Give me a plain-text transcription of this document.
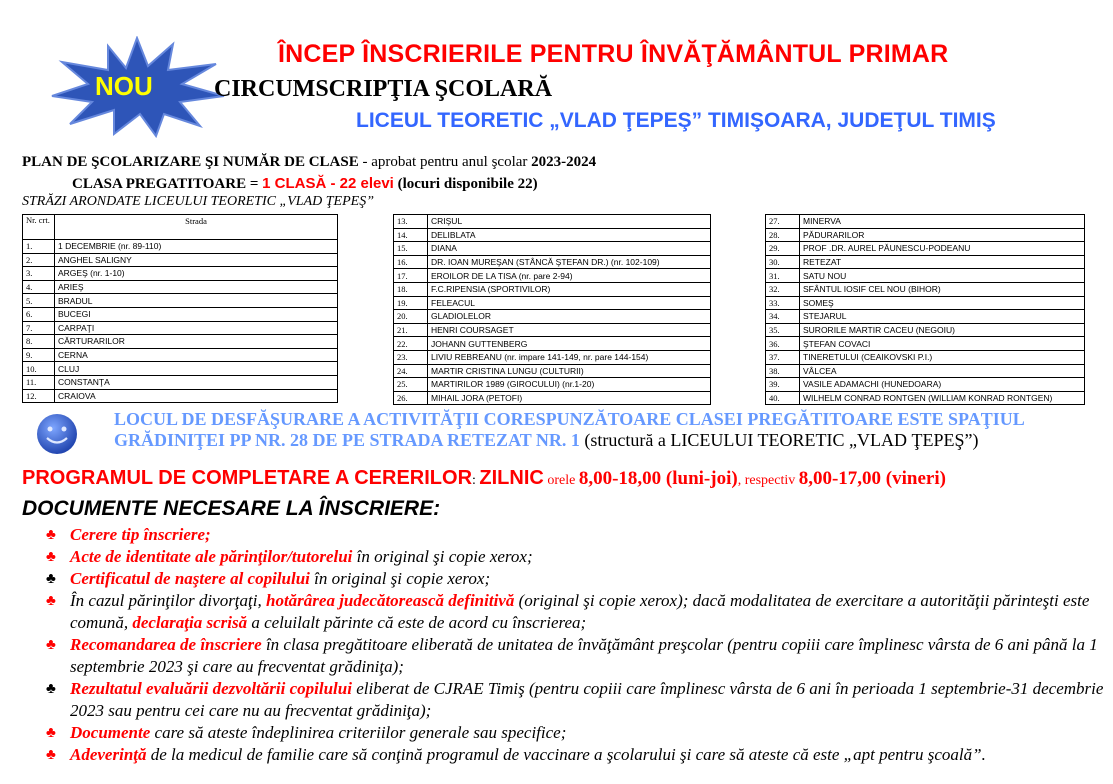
NOU
ÎNCEP ÎNSCRIERILE PENTRU ÎNVĂŢĂMÂNTUL PRIMAR
CIRCUMSCRIPŢIA ŞCOLARĂ
LICEUL TEORETIC „VLAD ŢEPEŞ” TIMIŞOARA, JUDEŢUL TIMIŞ
PLAN DE ŞCOLARIZARE ŞI NUMĂR DE CLASE - aprobat pentru anul şcolar 2023-2024
CLASA PREGATITOARE = 1 CLASĂ - 22 elevi (locuri disponibile 22)
STRĂZI ARONDATE LICEULUI TEORETIC „VLAD ŢEPEŞ”
Nr. crt.	Strada
1.	1 DECEMBRIE (nr. 89-110)
2.	ANGHEL SALIGNY
3.	ARGEŞ (nr. 1-10)
4.	ARIEŞ
5.	BRADUL
6.	BUCEGI
7.	CARPAŢI
8.	CĂRTURARILOR
9.	CERNA
10.	CLUJ
11.	CONSTANŢA
12.	CRAIOVA
13.	CRIŞUL
14.	DELIBLATA
15.	DIANA
16.	DR. IOAN MUREŞAN (STÂNCĂ ŞTEFAN DR.) (nr. 102-109)
17.	EROILOR DE LA TISA (nr. pare 2-94)
18.	F.C.RIPENSIA (SPORTIVILOR)
19.	FELEACUL
20.	GLADIOLELOR
21.	HENRI COURSAGET
22.	JOHANN GUTTENBERG
23.	LIVIU REBREANU (nr. impare 141-149, nr. pare 144-154)
24.	MARTIR CRISTINA LUNGU (CULTURII)
25.	MARTIRILOR 1989 (GIROCULUI) (nr.1-20)
26.	MIHAIL JORA (PETOFI)
27.	MINERVA
28.	PĂDURARILOR
29.	PROF .DR. AUREL PĂUNESCU-PODEANU
30.	RETEZAT
31.	SATU NOU
32.	SFÂNTUL IOSIF CEL NOU (BIHOR)
33.	SOMEŞ
34.	STEJARUL
35.	SURORILE MARTIR CACEU (NEGOIU)
36.	ŞTEFAN COVACI
37.	TINERETULUI (CEAIKOVSKI P.I.)
38.	VÂLCEA
39.	VASILE ADAMACHI (HUNEDOARA)
40.	WILHELM CONRAD RONTGEN (WILLIAM KONRAD RONTGEN)
LOCUL DE DESFĂŞURARE A ACTIVITĂŢII CORESPUNZĂTOARE CLASEI PREGĂTITOARE ESTE SPAŢIUL
GRĂDINIŢEI PP NR. 28 DE PE STRADA RETEZAT NR. 1 (structură a LICEULUI TEORETIC „VLAD ŢEPEŞ”)
PROGRAMUL DE COMPLETARE A CERERILOR: ZILNIC orele 8,00-18,00 (luni-joi), respectiv 8,00-17,00 (vineri)
DOCUMENTE NECESARE LA ÎNSCRIERE:
♣ Cerere tip înscriere;
♣ Acte de identitate ale părinţilor/tutorelui în original şi copie xerox;
♣ Certificatul de naştere al copilului în original şi copie xerox;
♣ În cazul părinţilor divorţaţi, hotărârea judecătorească definitivă (original şi copie xerox); dacă modalitatea de exercitare a autorităţii părinteşti este comună, declaraţia scrisă a celuilalt părinte că este de acord cu înscrierea;
♣ Recomandarea de înscriere în clasa pregătitoare eliberată de unitatea de învăţământ preşcolar (pentru copiii care împlinesc vârsta de 6 ani până la 1 septembrie 2023 şi care au frecventat grădiniţa);
♣ Rezultatul evaluării dezvoltării copilului eliberat de CJRAE Timiş (pentru copiii care împlinesc vârsta de 6 ani în perioada 1 septembrie-31 decembrie 2023 sau pentru cei care nu au frecventat grădiniţa);
♣ Documente care să ateste îndeplinirea criteriilor generale sau specifice;
♣ Adeverinţă de la medicul de familie care să conţină programul de vaccinare a şcolarului şi care să ateste că este „apt pentru şcoală”.
